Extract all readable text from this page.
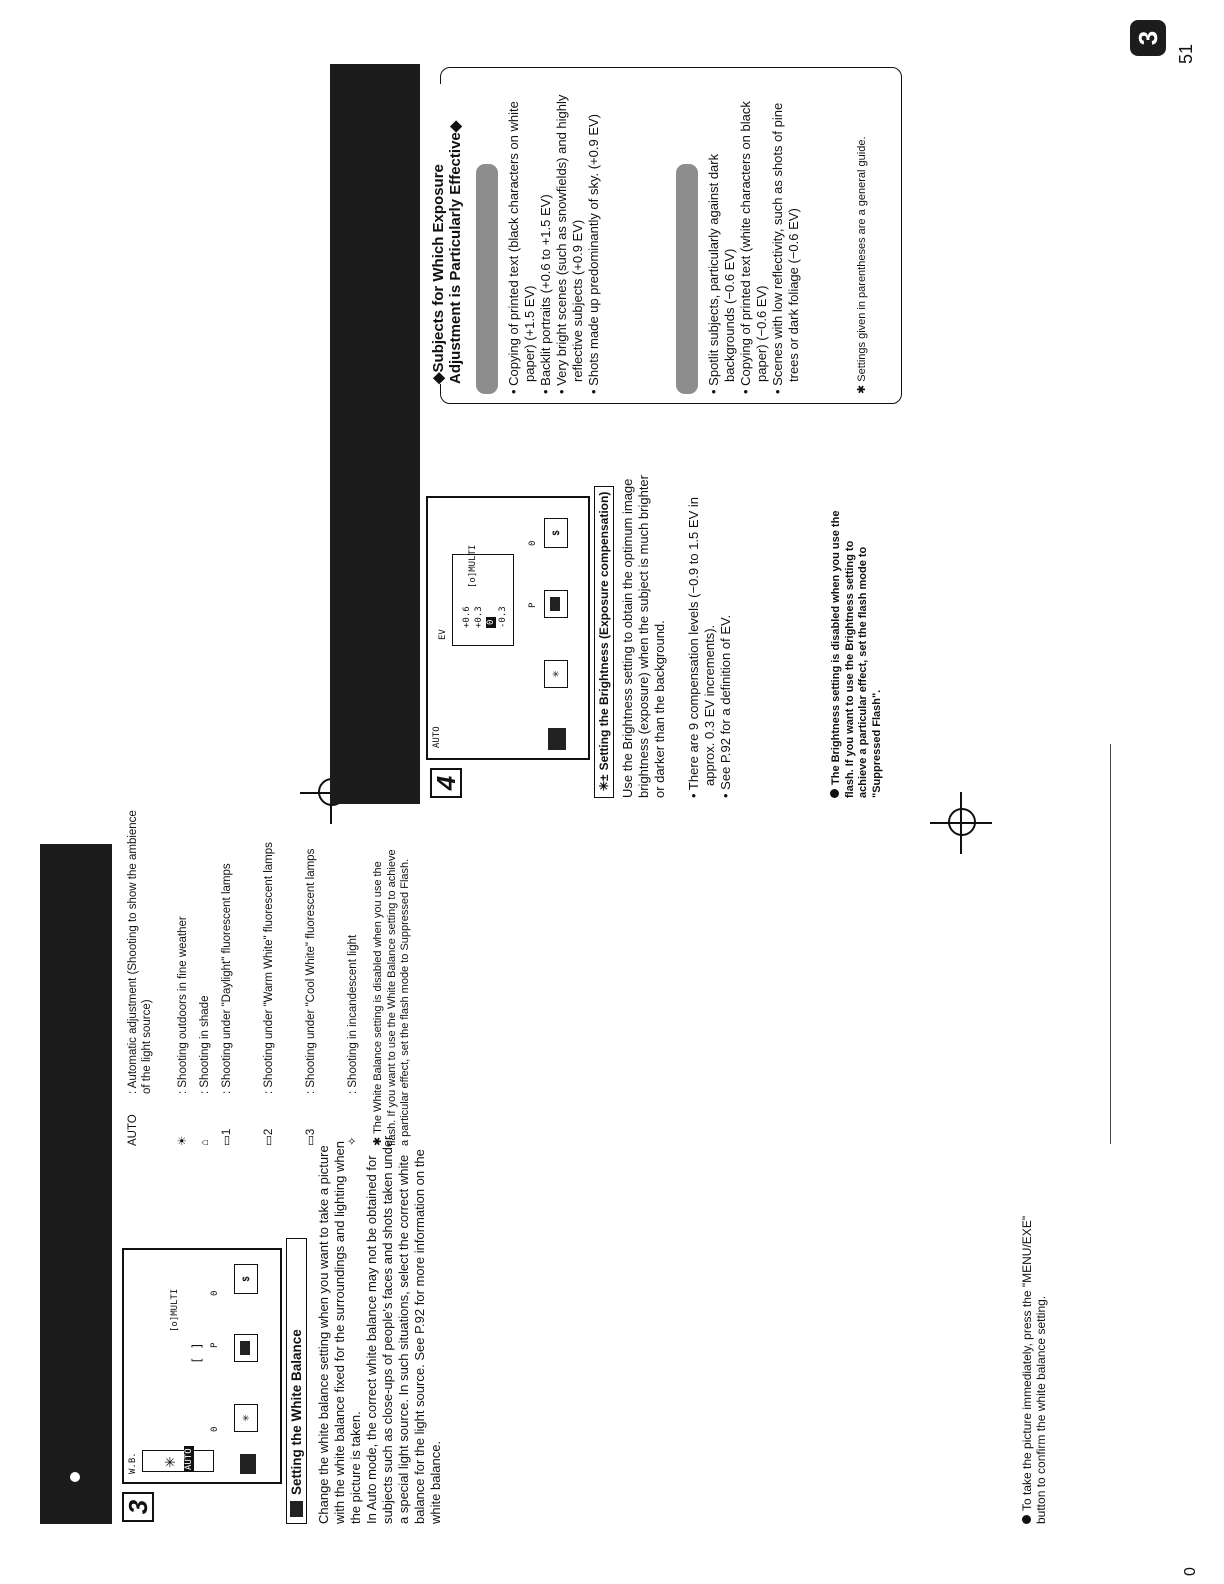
3
W.B. ✳ AUTO
0
[ ] P
0
[o]MULTI
✳
$
Setting the White Balance

Change the white balance setting when you want to take a picture with the white balance fixed for the surroundings and lighting when the picture is taken.
In Auto mode, the correct white balance may not be obtained for subjects such as close-ups of people's faces and shots taken under a special light source. In such situations, select the correct white balance for the light source. See P.92 for more information on the white balance.

AUTO
: Automatic adjustment (Shooting to show the ambience of the light source)
☀
: Shooting outdoors in fine weather
⌂
: Shooting in shade
▭1
: Shooting under "Daylight" fluorescent lamps
▭2
: Shooting under "Warm White" fluorescent lamps
▭3
: Shooting under "Cool White" fluorescent lamps
✧
: Shooting in incandescent light ✱ The White Balance setting is disabled when you use the flash. If you want to use the White Balance setting to achieve a particular effect, set the flash mode to Suppressed Flash.

To take the picture immediately, press the "MENU/EXE" button to confirm the white balance setting.

0
4
AUTO
EV
+0.6 +0.3 0 -0.3
[o]MULTI
P
0
✳
$
✳±Setting the Brightness (Exposure compensation) Use the Brightness setting to obtain the optimum image brightness (exposure) when the subject is much brighter or darker than the background. • There are 9 compensation levels (−0.9 to 1.5 EV in approx. 0.3 EV increments).

• See P.92 for a definition of EV.	The Brightness setting is disabled when you use the flash. If you want to use the Brightness setting to achieve a particular effect, set the flash mode to "Suppressed Flash".

◆Subjects for Which Exposure Adjustment is Particularly Effective◆

• Copying of printed text (black characters on white paper) (+1.5 EV)

• Backlit portraits (+0.6 to +1.5 EV)

• Very bright scenes (such as snowfields) and highly reflective subjects (+0.9 EV)

• Shots made up predominantly of sky. (+0.9 EV)

• Spotlit subjects, particularly against dark backgrounds (−0.6 EV)

• Copying of printed text (white characters on black paper) (−0.6 EV)

• Scenes with low reflectivity, such as shots of pine trees or dark foliage (−0.6 EV)	✱ Settings given in parentheses are a general guide.

3
51
